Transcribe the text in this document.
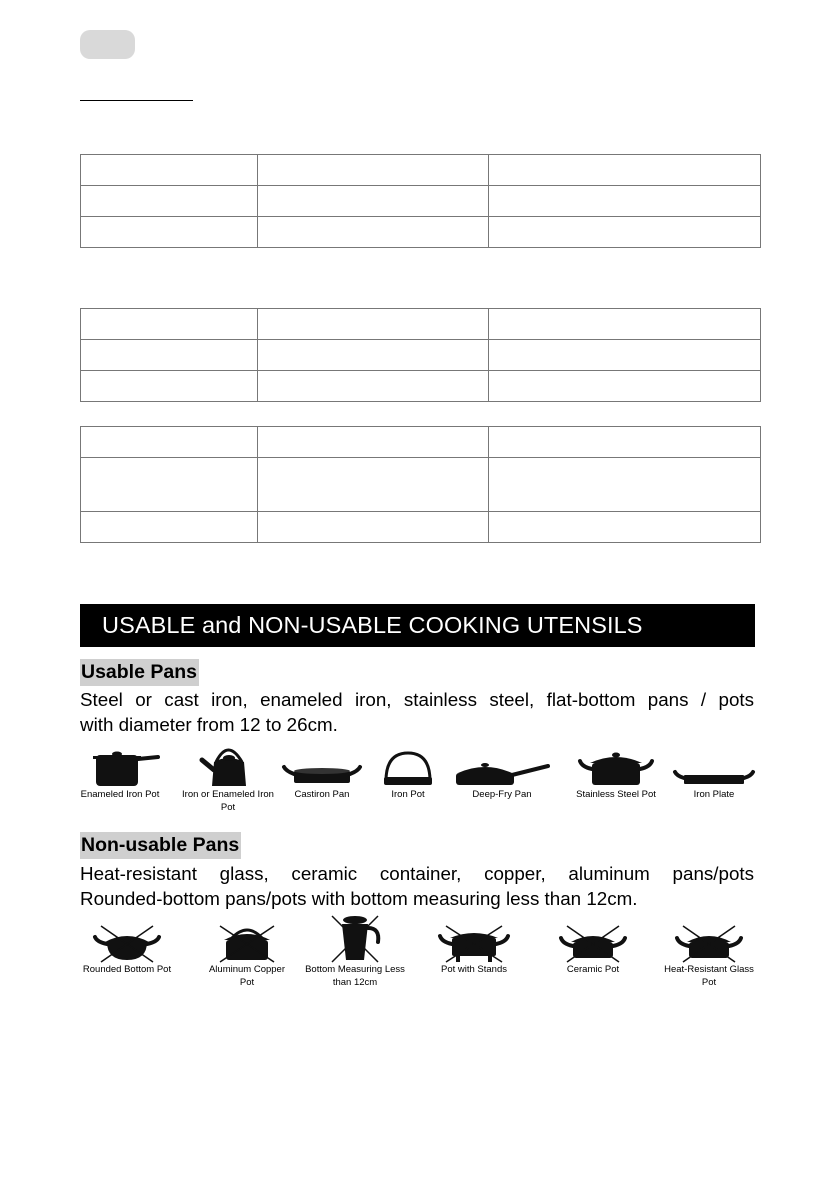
USABLE and NON-USABLE COOKING UTENSILS
Usable Pans
Steel or cast iron, enameled iron, stainless steel, flat-bottom pans / pots
with diameter from 12 to 26cm.
Enameled Iron Pot Iron or Enameled Iron Pot
Castiron Pan	Iron Pot	Deep-Fry Pan	Stainless Steel Pot	Iron Plate
Non-usable Pans
Heat-resistant glass, ceramic container, copper, aluminum pans/pots
Rounded-bottom pans/pots with bottom measuring less than 12cm.
Rounded Bottom Pot	Aluminum Copper Pot
Bottom Measuring Less than 12cm
Pot with Stands	Ceramic Pot	Heat-Resistant Glass Pot
